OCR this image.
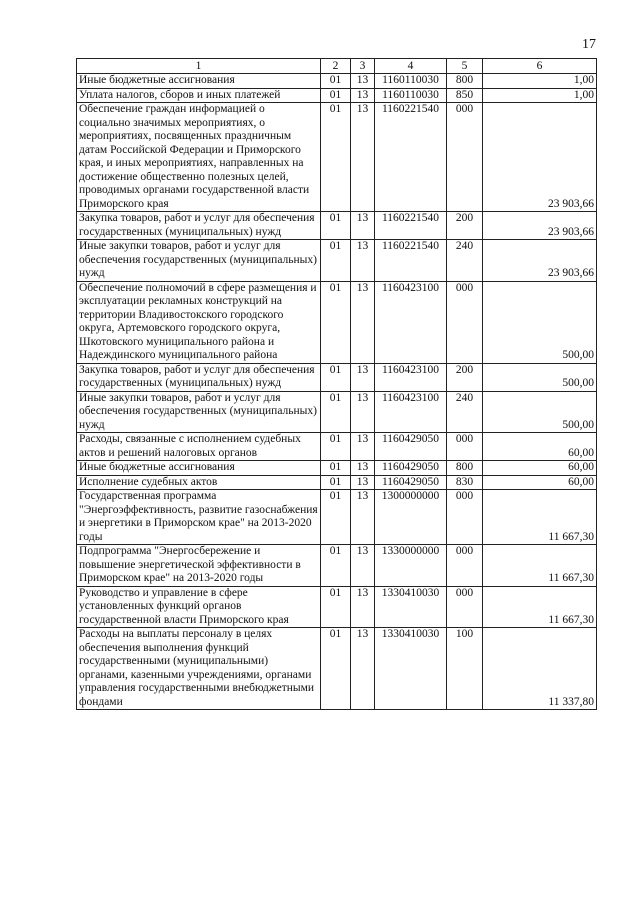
17
1	2	3	4	5	6
Иные бюджетные ассигнования	01	13	1160110030	800	1,00
Уплата налогов, сборов и иных платежей	01	13	1160110030	850	1,00
Обеспечение граждан информацией о социально значимых мероприятиях, о мероприятиях, посвященных праздничным датам Российской Федерации и Приморского края, и иных мероприятиях, направленных на достижение общественно полезных целей, проводимых органами государственной власти Приморского края	01	13	1160221540	000	23 903,66
Закупка товаров, работ и услуг для обеспечения государственных (муниципальных) нужд	01	13	1160221540	200	23 903,66
Иные закупки товаров, работ и услуг для обеспечения государственных (муниципальных) нужд	01	13	1160221540	240	23 903,66
Обеспечение полномочий в сфере размещения и эксплуатации рекламных конструкций на территории Владивостокского городского округа, Артемовского городского округа, Шкотовского муниципального района и Надеждинского муниципального района	01	13	1160423100	000	500,00
Закупка товаров, работ и услуг для обеспечения государственных (муниципальных) нужд	01	13	1160423100	200	500,00
Иные закупки товаров, работ и услуг для обеспечения государственных (муниципальных) нужд	01	13	1160423100	240	500,00
Расходы, связанные с исполнением судебных актов и решений налоговых органов	01	13	1160429050	000	60,00
Иные бюджетные ассигнования	01	13	1160429050	800	60,00
Исполнение судебных актов	01	13	1160429050	830	60,00
Государственная программа "Энергоэффективность, развитие газоснабжения и энергетики в Приморском крае" на 2013-2020 годы	01	13	1300000000	000	11 667,30
Подпрограмма "Энергосбережение и повышение энергетической эффективности в Приморском крае" на 2013-2020 годы	01	13	1330000000	000	11 667,30
Руководство и управление в сфере установленных функций органов государственной власти Приморского края	01	13	1330410030	000	11 667,30
Расходы на выплаты персоналу в целях обеспечения выполнения функций государственными (муниципальными) органами, казенными учреждениями, органами управления государственными внебюджетными фондами	01	13	1330410030	100	11 337,80
